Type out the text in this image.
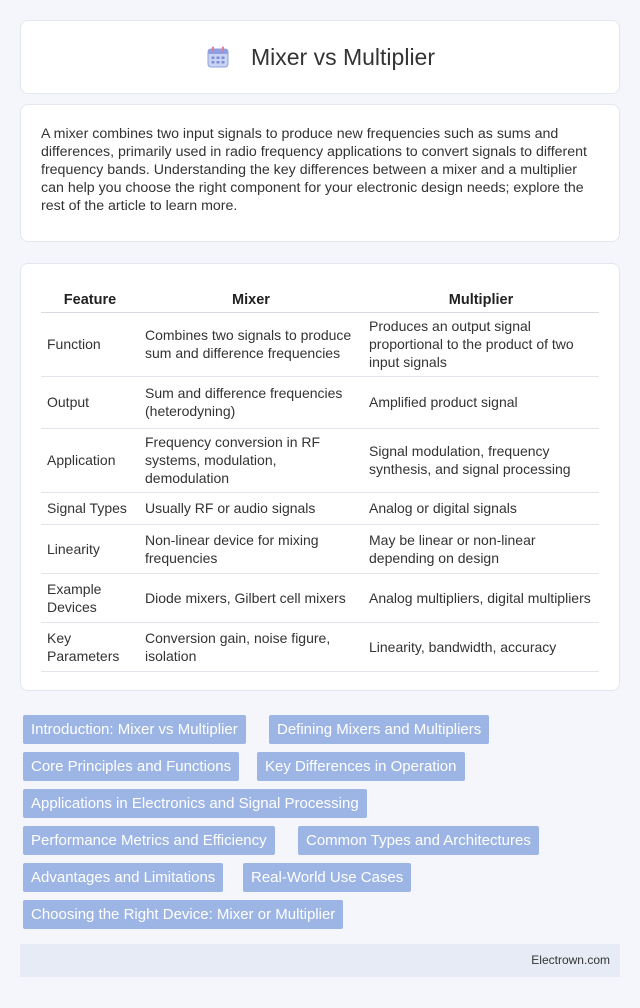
Mixer vs Multiplier

A mixer combines two input signals to produce new frequencies such as sums and differences, primarily used in radio frequency applications to convert signals to different frequency bands. Understanding the key differences between a mixer and a multiplier can help you choose the right component for your electronic design needs; explore the rest of the article to learn more.

Feature	Mixer	Multiplier
Function	Combines two signals to produce sum and difference frequencies	Produces an output signal proportional to the product of two input signals
Output	Sum and difference frequencies (heterodyning)	Amplified product signal
Application	Frequency conversion in RF systems, modulation, demodulation	Signal modulation, frequency synthesis, and signal processing
Signal Types	Usually RF or audio signals	Analog or digital signals
Linearity	Non-linear device for mixing frequencies	May be linear or non-linear depending on design
Example Devices	Diode mixers, Gilbert cell mixers	Analog multipliers, digital multipliers
Key Parameters	Conversion gain, noise figure, isolation	Linearity, bandwidth, accuracy
Introduction: Mixer vs Multiplier	Defining Mixers and Multipliers
Core Principles and Functions	Key Differences in Operation
Applications in Electronics and Signal Processing
Performance Metrics and Efficiency	Common Types and Architectures
Advantages and Limitations	Real-World Use Cases
Choosing the Right Device: Mixer or Multiplier
Electrown.com
